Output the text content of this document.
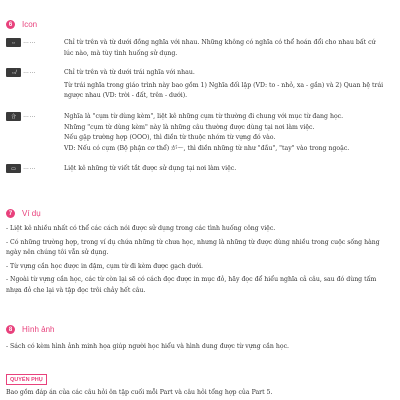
6	Icon
⇔	……	Chỉ từ trên và từ dưới đồng nghĩa với nhau. Những không có nghĩa có thể hoán đổi cho nhau bất cứ lúc nào, mà tùy tình huống sử dụng.
⇎	……	Chỉ từ trên và từ dưới trái nghĩa với nhau.
Từ trái nghĩa trong giáo trình này bao gồm 1) Nghĩa đối lập (VD: to - nhỏ, xa - gần) và 2) Quan hệ trái ngược nhau (VD: trời - đất, trên - dưới).
合	……	Nghĩa là "cụm từ dùng kèm", liệt kê những cụm từ thường đi chung với mục từ đang học.
Những "cụm từ dùng kèm" này là những câu thường được dùng tại nơi làm việc.
Nếu gặp trường hợp (OOO), thì điền từ thuộc nhóm từ vựng đó vào.
VD: Nếu có cụm (Bộ phận cơ thể) が〜, thì điền những từ như "đầu", "tay" vào trong ngoặc.
▭	……	Liệt kê những từ viết tắt được sử dụng tại nơi làm việc.
7	Ví dụ
- Liệt kê nhiều nhất có thể các cách nói được sử dụng trong các tình huống công việc.
- Có những trường hợp, trong ví dụ chứa những từ chưa học, nhưng là những từ được dùng nhiều trong cuộc sống hàng ngày nên chúng tôi vẫn sử dụng.
- Từ vựng cần học được in đậm, cụm từ đi kèm được gạch dưới.
- Ngoài từ vựng cần học, các từ còn lại sẽ có cách đọc được in mục đỏ, hãy đọc để hiểu nghĩa cả câu, sau đó dùng tấm nhựa đỏ che lại và tập đọc trôi chảy hết câu.
8	Hình ảnh
- Sách có kèm hình ảnh minh họa giúp người học hiểu và hình dung được từ vựng cần học.
QUYỂN PHỤ
Bao gồm đáp án của các câu hỏi ôn tập cuối mỗi Part và câu hỏi tổng hợp của Part 5.
